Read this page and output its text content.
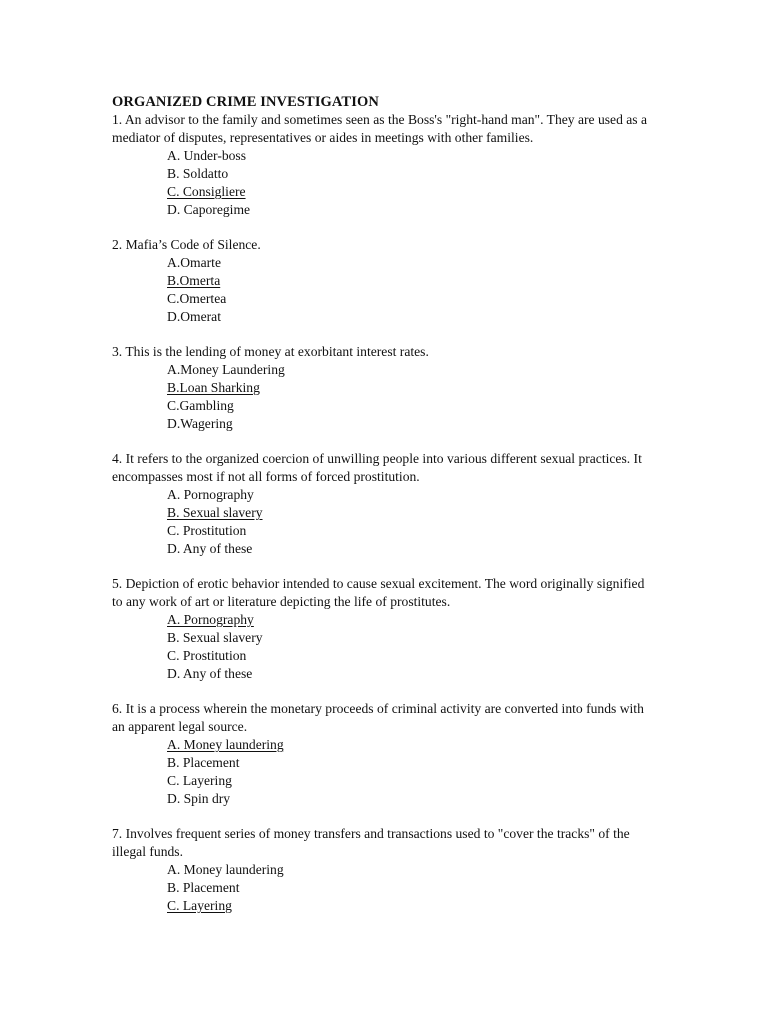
ORGANIZED CRIME INVESTIGATION

1. An advisor to the family and sometimes seen as the Boss's "right-hand man". They are used as a mediator of disputes, representatives or aides in meetings with other families.

A. Under-boss
B. Soldatto
C. Consigliere
D. Caporegime

2. Mafia’s Code of Silence.

A.Omarte
B.Omerta
C.Omertea
D.Omerat

3. This is the lending of money at exorbitant interest rates.

A.Money Laundering
B.Loan Sharking
C.Gambling
D.Wagering

4. It refers to the organized coercion of unwilling people into various different sexual practices. It encompasses most if not all forms of forced prostitution.

A. Pornography
B. Sexual slavery
C. Prostitution
D. Any of these

5. Depiction of erotic behavior intended to cause sexual excitement. The word originally signified to any work of art or literature depicting the life of prostitutes.

A. Pornography
B. Sexual slavery
C. Prostitution
D. Any of these

6. It is a process wherein the monetary proceeds of criminal activity are converted into funds with an apparent legal source.

A. Money laundering
B. Placement
C. Layering
D. Spin dry

7. Involves frequent series of money transfers and transactions used to "cover the tracks" of the illegal funds.

A. Money laundering
B. Placement
C. Layering
